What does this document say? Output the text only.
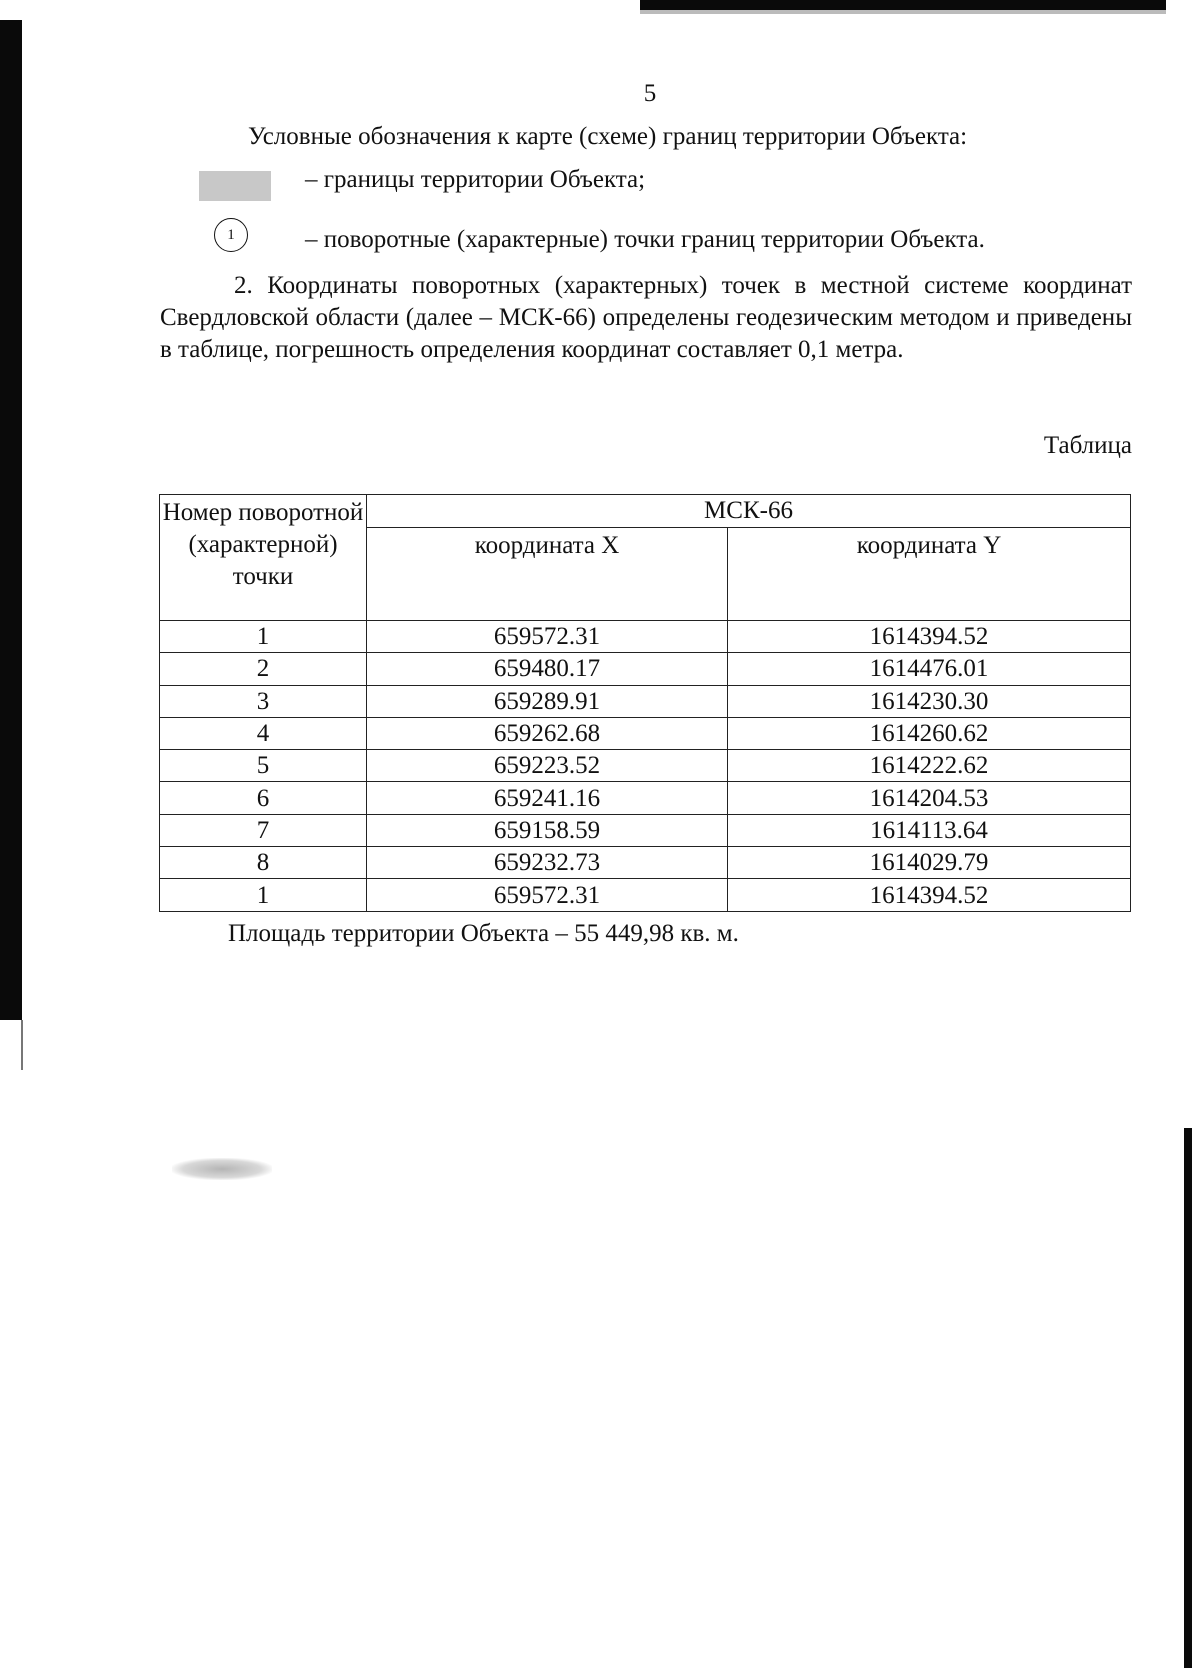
5
Условные обозначения к карте (схеме) границ территории Объекта:
– границы территории Объекта;
1	– поворотные (характерные) точки границ территории Объекта.

2. Координаты поворотных (характерных) точек в местной системе координат Свердловской области (далее – МСК-66) определены геодезическим методом и приведены в таблице, погрешность определения координат составляет 0,1 метра.

Таблица
Номер поворотной (характерной) точки	МСК-66	
	координата X	координата Y
1	659572.31	1614394.52
2	659480.17	1614476.01
3	659289.91	1614230.30
4	659262.68	1614260.62
5	659223.52	1614222.62
6	659241.16	1614204.53
7	659158.59	1614113.64
8	659232.73	1614029.79
1	659572.31	1614394.52
Площадь территории Объекта – 55 449,98 кв. м.
